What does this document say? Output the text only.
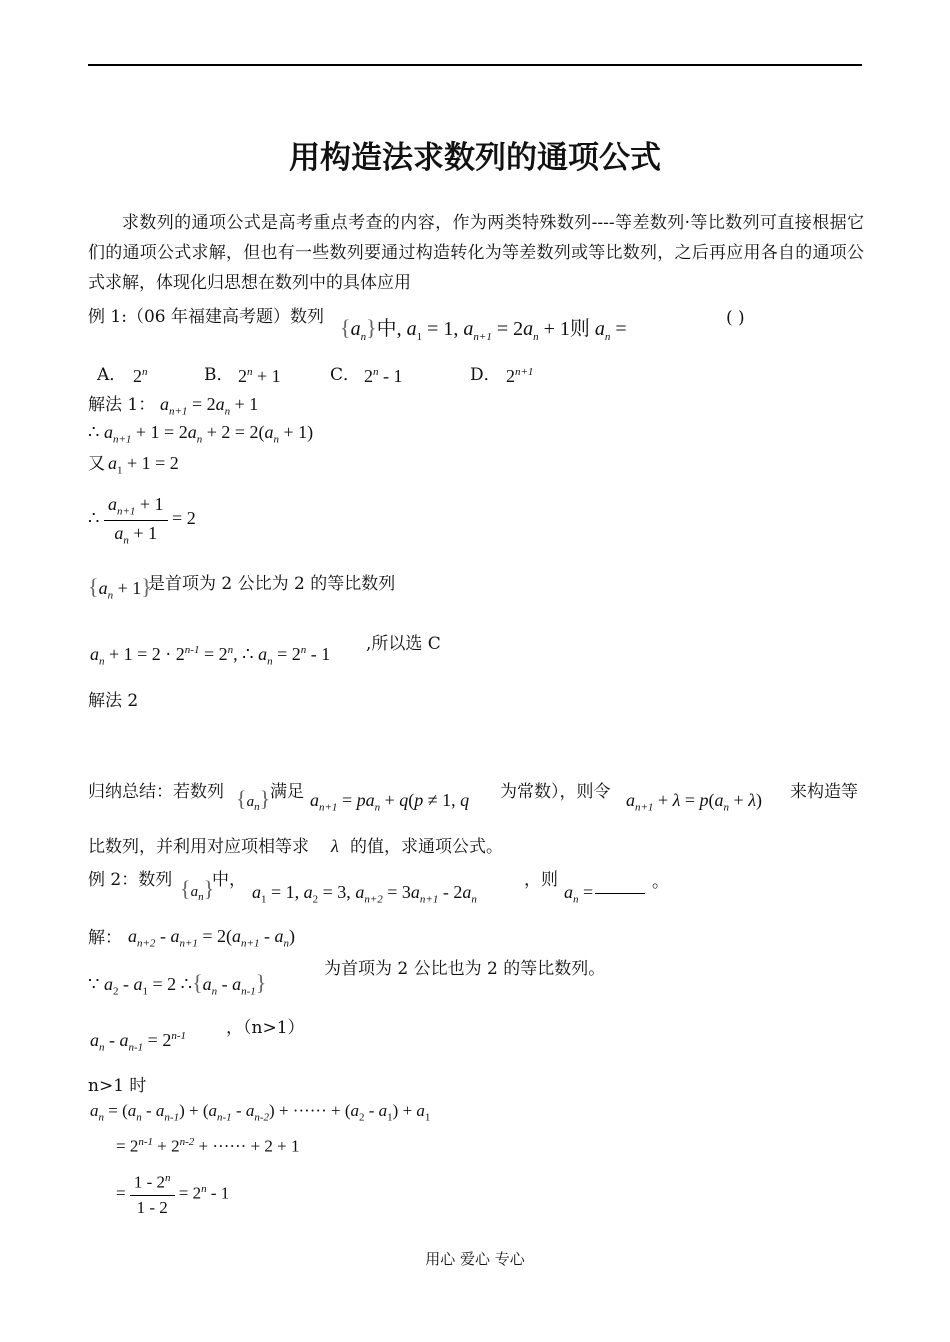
用构造法求数列的通项公式
求数列的通项公式是高考重点考查的内容，作为两类特殊数列----等差数列·等比数列可直接根据它们的通项公式求解，但也有一些数列要通过构造转化为等差数列或等比数列，之后再应用各自的通项公式求解，体现化归思想在数列中的具体应用
例 1:（06 年福建高考题）数列 $\{a_n\}$中, $a_1 = 1$, $a_{n+1} = 2a_n + 1$则 $a_n$ =	( )
A． 2$^n$	B． $2^n + 1$	C． 2$^n$ - 1	D． $2^{n+1}$
解法 1： $a_{n+1} = 2a_n + 1$
∴ $a_{n+1} + 1 = 2a_n + 2 = 2(a_n + 1)$
又 $a_1 + 1 = 2$
∴ $\frac{a_{n+1} + 1}{a_n + 1} = 2$
$\{a_n + 1\}$
是首项为 2 公比为 2 的等比数列
$a_n + 1 = 2 \cdot 2^{n-1} = 2^n$, ∴ $a_n = 2^n - 1$ ,所以选 C
解法 2
归纳总结：若数列 $\{a_n\}$ 满足 $a_{n+1} = pa_n + q(p \ne 1$, q 为常数），则令 $a_{n+1} + \lambda = p(a_n + \lambda)$ 来构造等
比数列，并利用对应项相等求 λ 的值，求通项公式。
例 2：数列 $\{a_n\}$
中，
$a_1 = 1$, $a_2 = 3$, $a_{n+2} = 3a_{n+1} - 2a_n$
，则
$a_n$ =	。
解： $a_{n+2} - a_{n+1} = 2(a_{n+1} - a_n)$
∵ $a_2 - a_1 = 2$ $\therefore\{a_n - a_{n-1}\}$
为首项为 2 公比也为 2 的等比数列。
$a_n - a_{n-1} = 2^{n-1}$ ，（n>1）
n>1 时
$a_n = (a_n - a_{n-1}) + (a_{n-1} - a_{n-2})$ + ······ + $(a_2 - a_1) + a_1$
= $2^{n-1} + 2^{n-2}$ + ······ + 2 + 1
= $\frac{1 - 2^n}{1 - 2} = 2^n - 1$
用心 爱心 专心
